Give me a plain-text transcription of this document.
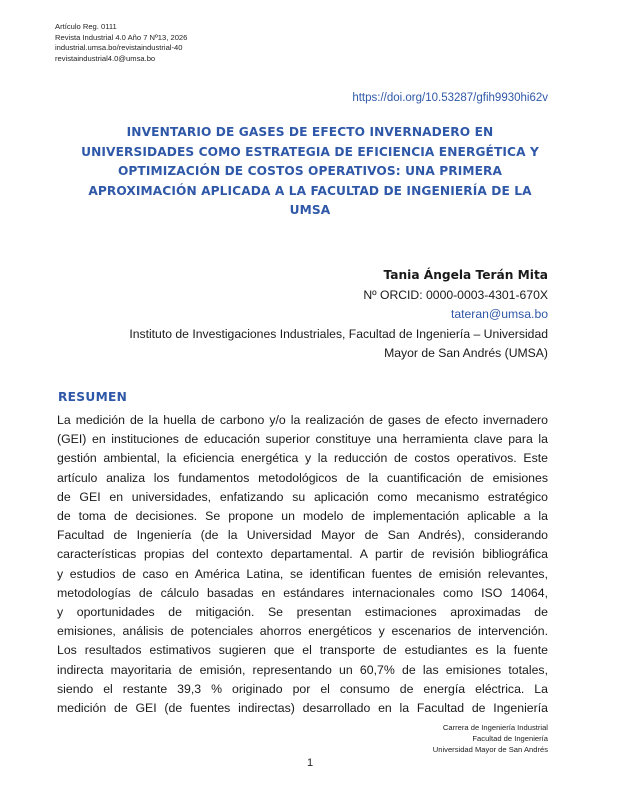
Artículo Reg. 0111
Revista Industrial 4.0 Año 7 Nº13, 2026
industrial.umsa.bo/revistaindustrial-40
revistaindustrial4.0@umsa.bo
https://doi.org/10.53287/gfih9930hi62v
INVENTARIO DE GASES DE EFECTO INVERNADERO EN UNIVERSIDADES COMO ESTRATEGIA DE EFICIENCIA ENERGÉTICA Y OPTIMIZACIÓN DE COSTOS OPERATIVOS: UNA PRIMERA APROXIMACIÓN APLICADA A LA FACULTAD DE INGENIERÍA DE LA UMSA
Tania Ángela Terán Mita
Nº ORCID: 0000-0003-4301-670X
tateran@umsa.bo
Instituto de Investigaciones Industriales, Facultad de Ingeniería – Universidad
Mayor de San Andrés (UMSA)
RESUMEN
La medición de la huella de carbono y/o la realización de gases de efecto invernadero
(GEI) en instituciones de educación superior constituye una herramienta clave para la
gestión ambiental, la eficiencia energética y la reducción de costos operativos. Este
artículo analiza los fundamentos metodológicos de la cuantificación de emisiones
de GEI en universidades, enfatizando su aplicación como mecanismo estratégico
de toma de decisiones. Se propone un modelo de implementación aplicable a la
Facultad de Ingeniería (de la Universidad Mayor de San Andrés), considerando
características propias del contexto departamental. A partir de revisión bibliográfica
y estudios de caso en América Latina, se identifican fuentes de emisión relevantes,
metodologías de cálculo basadas en estándares internacionales como ISO 14064,
y oportunidades de mitigación. Se presentan estimaciones aproximadas de
emisiones, análisis de potenciales ahorros energéticos y escenarios de intervención.
Los resultados estimativos sugieren que el transporte de estudiantes es la fuente
indirecta mayoritaria de emisión, representando un 60,7% de las emisiones totales,
siendo el restante 39,3 % originado por el consumo de energía eléctrica. La
medición de GEI (de fuentes indirectas) desarrollado en la Facultad de Ingeniería
Carrera de Ingeniería Industrial
Facultad de Ingeniería
Universidad Mayor de San Andrés
1
